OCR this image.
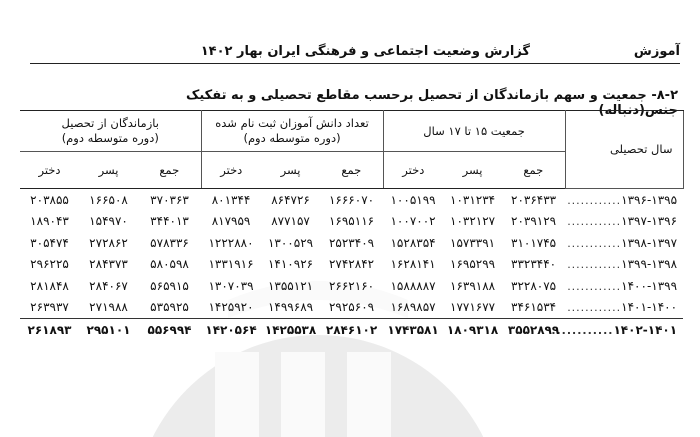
آموزش
گزارش وضعیت اجتماعی و فرهنگی ایران بهار ۱۴۰۲
۸-۲- جمعیت و سهم بازماندگان از تحصیل برحسب مقاطع تحصیلی و به تفکیک جنس(دنباله)
سال تحصیلی	جمعیت ۱۵ تا ۱۷ سال			تعداد دانش آموزان ثبت نام شده
(دوره متوسطه دوم)			بازماندگان از تحصیل
(دوره متوسطه دوم)		
	جمع	پسر	دختر	جمع	پسر	دختر	جمع	پسر	دختر
۱۳۹۶-۱۳۹۵............	۲۰۳۶۴۳۳	۱۰۳۱۲۳۴	۱۰۰۵۱۹۹	۱۶۶۶۰۷۰	۸۶۴۷۲۶	۸۰۱۳۴۴	۳۷۰۳۶۳	۱۶۶۵۰۸	۲۰۳۸۵۵
۱۳۹۷-۱۳۹۶............	۲۰۳۹۱۲۹	۱۰۳۲۱۲۷	۱۰۰۷۰۰۲	۱۶۹۵۱۱۶	۸۷۷۱۵۷	۸۱۷۹۵۹	۳۴۴۰۱۳	۱۵۴۹۷۰	۱۸۹۰۴۳
۱۳۹۸-۱۳۹۷............	۳۱۰۱۷۴۵	۱۵۷۳۳۹۱	۱۵۲۸۳۵۴	۲۵۲۳۴۰۹	۱۳۰۰۵۲۹	۱۲۲۲۸۸۰	۵۷۸۳۳۶	۲۷۲۸۶۲	۳۰۵۴۷۴
۱۳۹۹-۱۳۹۸............	۳۳۲۳۴۴۰	۱۶۹۵۲۹۹	۱۶۲۸۱۴۱	۲۷۴۲۸۴۲	۱۴۱۰۹۲۶	۱۳۳۱۹۱۶	۵۸۰۵۹۸	۲۸۴۳۷۳	۲۹۶۲۲۵
۱۴۰۰-۱۳۹۹............	۳۲۲۸۰۷۵	۱۶۳۹۱۸۸	۱۵۸۸۸۸۷	۲۶۶۲۱۶۰	۱۳۵۵۱۲۱	۱۳۰۷۰۳۹	۵۶۵۹۱۵	۲۸۴۰۶۷	۲۸۱۸۴۸
۱۴۰۱-۱۴۰۰............	۳۴۶۱۵۳۴	۱۷۷۱۶۷۷	۱۶۸۹۸۵۷	۲۹۲۵۶۰۹	۱۴۹۹۶۸۹	۱۴۲۵۹۲۰	۵۳۵۹۲۵	۲۷۱۹۸۸	۲۶۳۹۳۷
۱۴۰۲-۱۴۰۱............	۳۵۵۲۸۹۹	۱۸۰۹۳۱۸	۱۷۴۳۵۸۱	۲۸۴۶۱۰۲	۱۴۲۵۵۳۸	۱۴۲۰۵۶۴	۵۵۶۹۹۴	۲۹۵۱۰۱	۲۶۱۸۹۳
